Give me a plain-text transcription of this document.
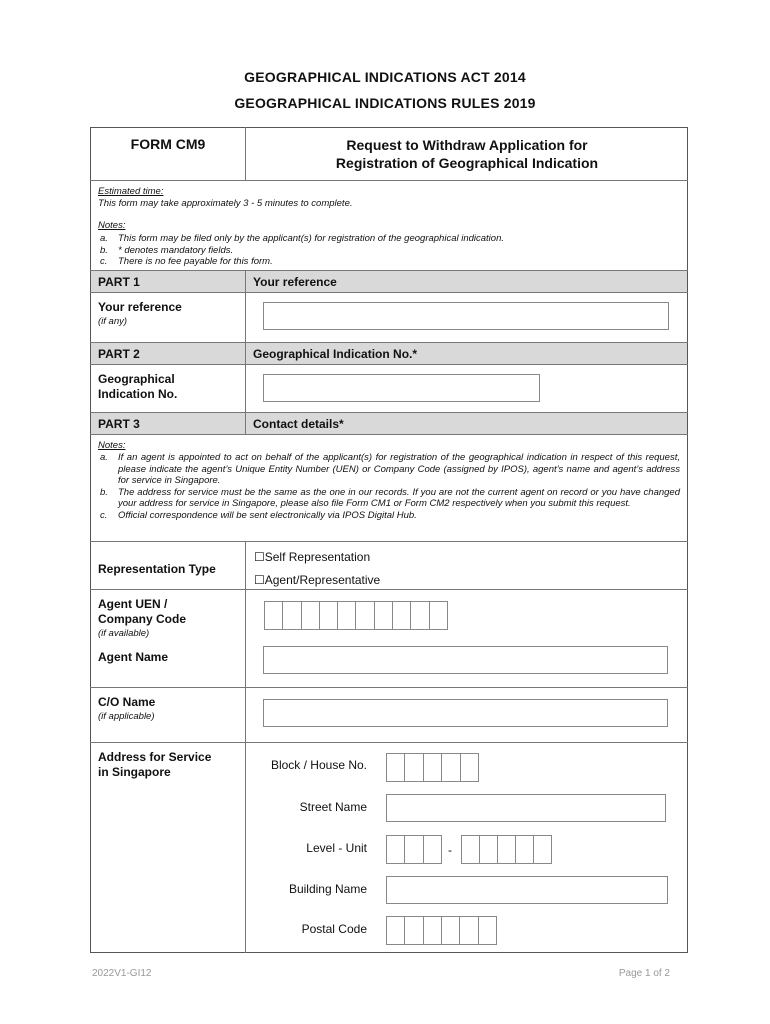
GEOGRAPHICAL INDICATIONS ACT 2014
GEOGRAPHICAL INDICATIONS RULES 2019
FORM CM9	Request to Withdraw Application for
Registration of Geographical Indication
Estimated time:
This form may take approximately 3 - 5 minutes to complete.
Notes:
a. This form may be filed only by the applicant(s) for registration of the geographical indication.
b. * denotes mandatory fields.
c. There is no fee payable for this form.
PART 1	Your reference
Your reference
(if any)
PART 2	Geographical Indication No.*
Geographical
Indication No.
PART 3	Contact details*
Notes:
a. If an agent is appointed to act on behalf of the applicant(s) for registration of the geographical indication in respect of this request, please indicate the agent’s Unique Entity Number (UEN) or Company Code (assigned by IPOS), agent’s name and agent’s address for service in Singapore.
b. The address for service must be the same as the one in our records. If you are not the current agent on record or you have changed your address for service in Singapore, please also file Form CM1 or Form CM2 respectively when you submit this request.
c. Official correspondence will be sent electronically via IPOS Digital Hub.
Representation Type
☐Self Representation
☐Agent/Representative
Agent UEN /
Company Code
(if available)
Agent Name
C/O Name
(if applicable)
Address for Service
in Singapore	Block / House No.
Street Name
Level - Unit	-
Building Name
Postal Code
2022V1-GI12	Page 1 of 2
